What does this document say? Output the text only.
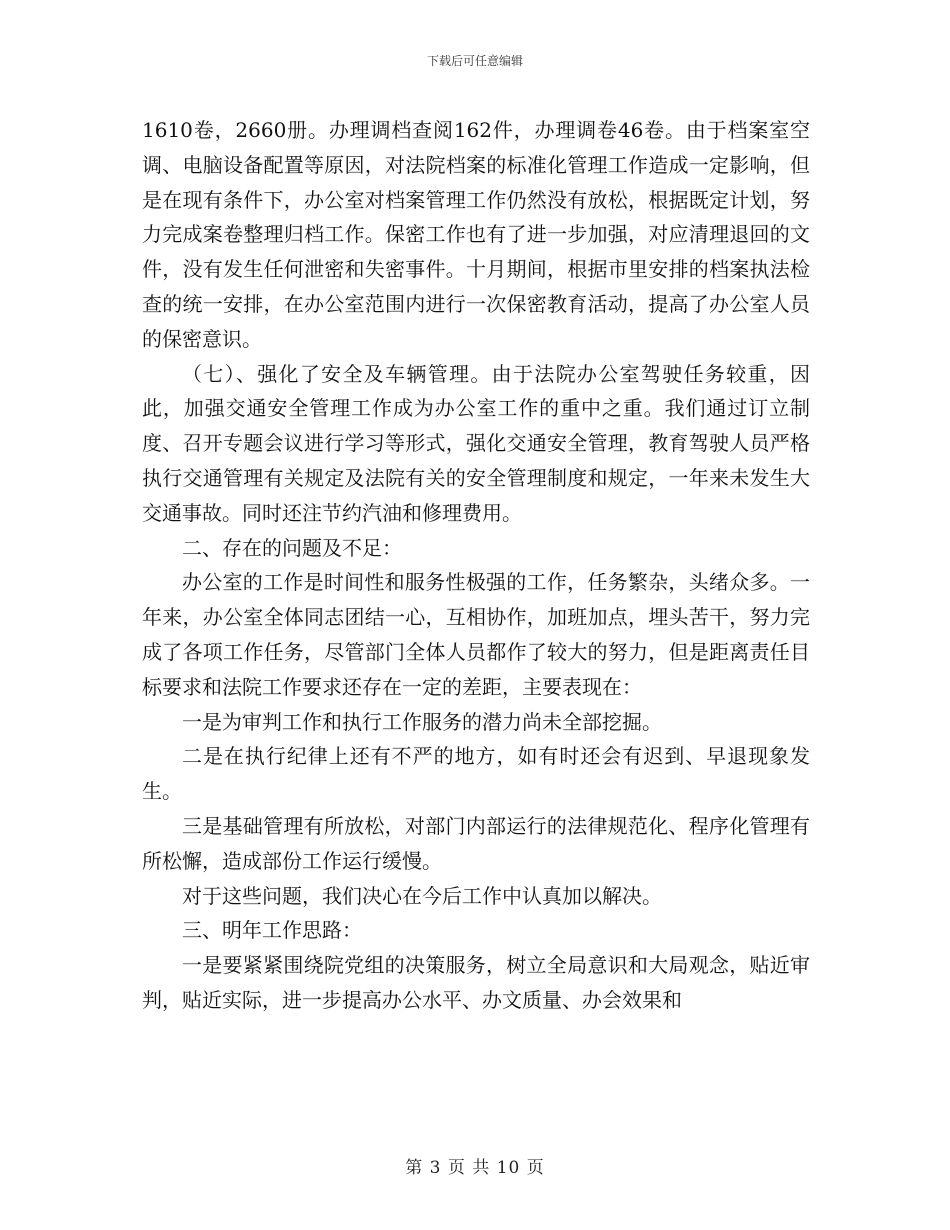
下载后可任意编辑

1610卷，2660册。办理调档查阅162件，办理调卷46卷。由于档案室空调、电脑设备配置等原因，对法院档案的标准化管理工作造成一定影响，但是在现有条件下，办公室对档案管理工作仍然没有放松，根据既定计划，努力完成案卷整理归档工作。保密工作也有了进一步加强，对应清理退回的文件，没有发生任何泄密和失密事件。十月期间，根据市里安排的档案执法检查的统一安排，在办公室范围内进行一次保密教育活动，提高了办公室人员的保密意识。

（七）、强化了安全及车辆管理。由于法院办公室驾驶任务较重，因此，加强交通安全管理工作成为办公室工作的重中之重。我们通过订立制度、召开专题会议进行学习等形式，强化交通安全管理，教育驾驶人员严格执行交通管理有关规定及法院有关的安全管理制度和规定，一年来未发生大交通事故。同时还注节约汽油和修理费用。

二、存在的问题及不足：

办公室的工作是时间性和服务性极强的工作，任务繁杂，头绪众多。一年来，办公室全体同志团结一心，互相协作，加班加点，埋头苦干，努力完成了各项工作任务，尽管部门全体人员都作了较大的努力，但是距离责任目标要求和法院工作要求还存在一定的差距，主要表现在：

一是为审判工作和执行工作服务的潜力尚未全部挖掘。

二是在执行纪律上还有不严的地方，如有时还会有迟到、早退现象发生。

三是基础管理有所放松，对部门内部运行的法律规范化、程序化管理有所松懈，造成部份工作运行缓慢。

对于这些问题，我们决心在今后工作中认真加以解决。

三、明年工作思路：

一是要紧紧围绕院党组的决策服务，树立全局意识和大局观念，贴近审判，贴近实际，进一步提高办公水平、办文质量、办会效果和

第 3 页 共 10 页
